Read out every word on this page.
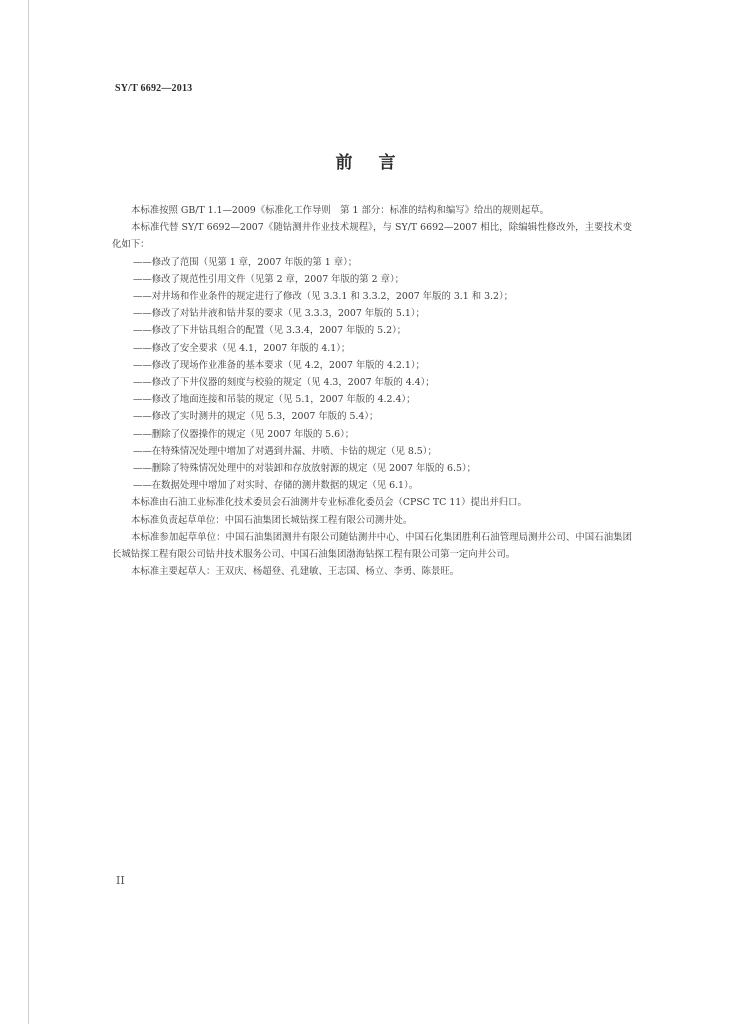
SY/T 6692—2013
前言

本标准按照 GB/T 1.1—2009《标准化工作导则　第 1 部分：标准的结构和编写》给出的规则起草。

本标准代替 SY/T 6692—2007《随钻测井作业技术规程》，与 SY/T 6692—2007 相比，除编辑性修改外，主要技术变化如下：

——修改了范围（见第 1 章，2007 年版的第 1 章）；

——修改了规范性引用文件（见第 2 章，2007 年版的第 2 章）；

——对井场和作业条件的规定进行了修改（见 3.3.1 和 3.3.2，2007 年版的 3.1 和 3.2）；

——修改了对钻井液和钻井泵的要求（见 3.3.3，2007 年版的 5.1）；

——修改了下井钻具组合的配置（见 3.3.4，2007 年版的 5.2）；

——修改了安全要求（见 4.1，2007 年版的 4.1）；

——修改了现场作业准备的基本要求（见 4.2，2007 年版的 4.2.1）；

——修改了下井仪器的刻度与校验的规定（见 4.3，2007 年版的 4.4）；

——修改了地面连接和吊装的规定（见 5.1，2007 年版的 4.2.4）；

——修改了实时测井的规定（见 5.3，2007 年版的 5.4）；

——删除了仪器操作的规定（见 2007 年版的 5.6）；

——在特殊情况处理中增加了对遇到井漏、井喷、卡钻的规定（见 8.5）；

——删除了特殊情况处理中的对装卸和存放放射源的规定（见 2007 年版的 6.5）；

——在数据处理中增加了对实时、存储的测井数据的规定（见 6.1）。

本标准由石油工业标准化技术委员会石油测井专业标准化委员会（CPSC TC 11）提出并归口。

本标准负责起草单位：中国石油集团长城钻探工程有限公司测井处。

本标准参加起草单位：中国石油集团测井有限公司随钻测井中心、中国石化集团胜利石油管理局测井公司、中国石油集团长城钻探工程有限公司钻井技术服务公司、中国石油集团渤海钻探工程有限公司第一定向井公司。

本标准主要起草人：王双庆、杨超登、孔建敏、王志国、杨立、李勇、陈景旺。

II
